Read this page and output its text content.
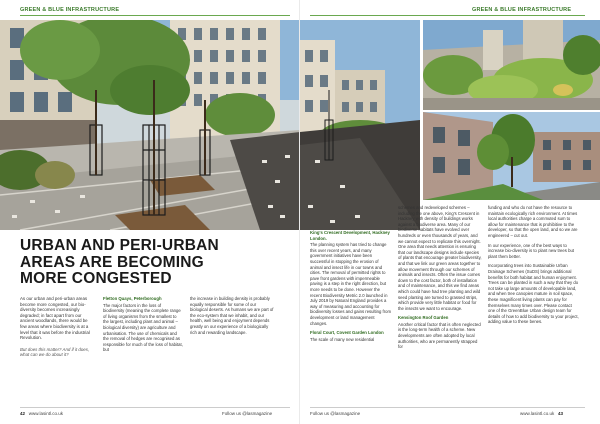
GREEN & BLUE INFRASTRUCTURE
URBAN AND PERI-URBAN AREAS ARE BECOMING MORE CONGESTED
As our urban and peri-urban areas become more congested, our bio-diversity becomes increasingly degraded; in fact apart from our ancient woodlands, there would be few areas where biodiversity is at a level that it was before the industrial Revolution.
But does this matter? And if it does, what can we do about it?
Fletton Quays, Peterborough
The major factors in the loss of biodiversity (meaning the complete range of living organisms from the smallest to the largest, including plant and animal – biological diversity) are agriculture and urbanisation. The use of chemicals and the removal of hedges are recognised as responsible for much of the loss of habitat, but
the increase in building density is probably equally responsible for some of our biological deserts. As humans we are part of the eco-system that we inhabit, and our health, well being and enjoyment depends greatly on our experience of a biologically rich and rewarding landscape.
42 www.lasintl.co.uk	Follow us @lasmagazine
GREEN & BLUE INFRASTRUCTURE
King's Crescent Development, Hackney London.

The planning system has tried to change this over recent years, and many government initiatives have been successful in stopping the erosion of animal and insect life in our towns and cities. The removal of permitted rights to pave front gardens with impermeable paving is a step in the right direction, but more needs to be done. However the recent Biodiversity Metric 2.0 launched in July 2019 by Natural England provides a way of measuring and accounting for biodiversity losses and gains resulting from development or land management changes.

Floral Court, Covent Garden London
The scale of many new residential

schemes and redeveloped schemes – including the one above, King's Crescent in Hackney with density of buildings works against a biodiverse area. Many of our biodiverse habitats have evolved over hundreds or even thousands of years, and we cannot expect to replicate this overnight. One area that needs attention is ensuring that our landscape designs include species of plants that encourage greater biodiversity, and that we link our green areas together to allow movement through our schemes of animals and insects. Often the issue comes down to the cost factor, both of installation and of maintenance, and this we find areas which could have had tree planting and wild seed planting are turned to grassed strips, which provide very little habitat or food for the insects we want to encourage.

Kensington Roof Garden
Another critical factor that is often neglected is the long-term health of a scheme. New developments are often adopted by local authorities, who are permanently strapped for

funding and who do not have the resource to maintain ecologically rich environment. At times local authorities charge a commuted sum to allow for maintenance that is prohibitive to the developer, so that the open land, and so we are engineered – cut out.

In our experience, one of the best ways to increase bio-diversity is to plant new trees but plant them better.

Incorporating trees into Sustainable Urban Drainage Schemes (SuDS) brings additional benefits for both habitat and human enjoyment. Trees can be planted in such a way that they do not take up large amounts of developable land, and when tree canopies mature in soil space, these magnificent living plants can pay for themselves many times over. Please contact one of the GreenBlue Urban design team for details of how to add biodiversity to your project, adding value to these benes.

Follow us @lasmagazine	www.lasintl.co.uk 43
